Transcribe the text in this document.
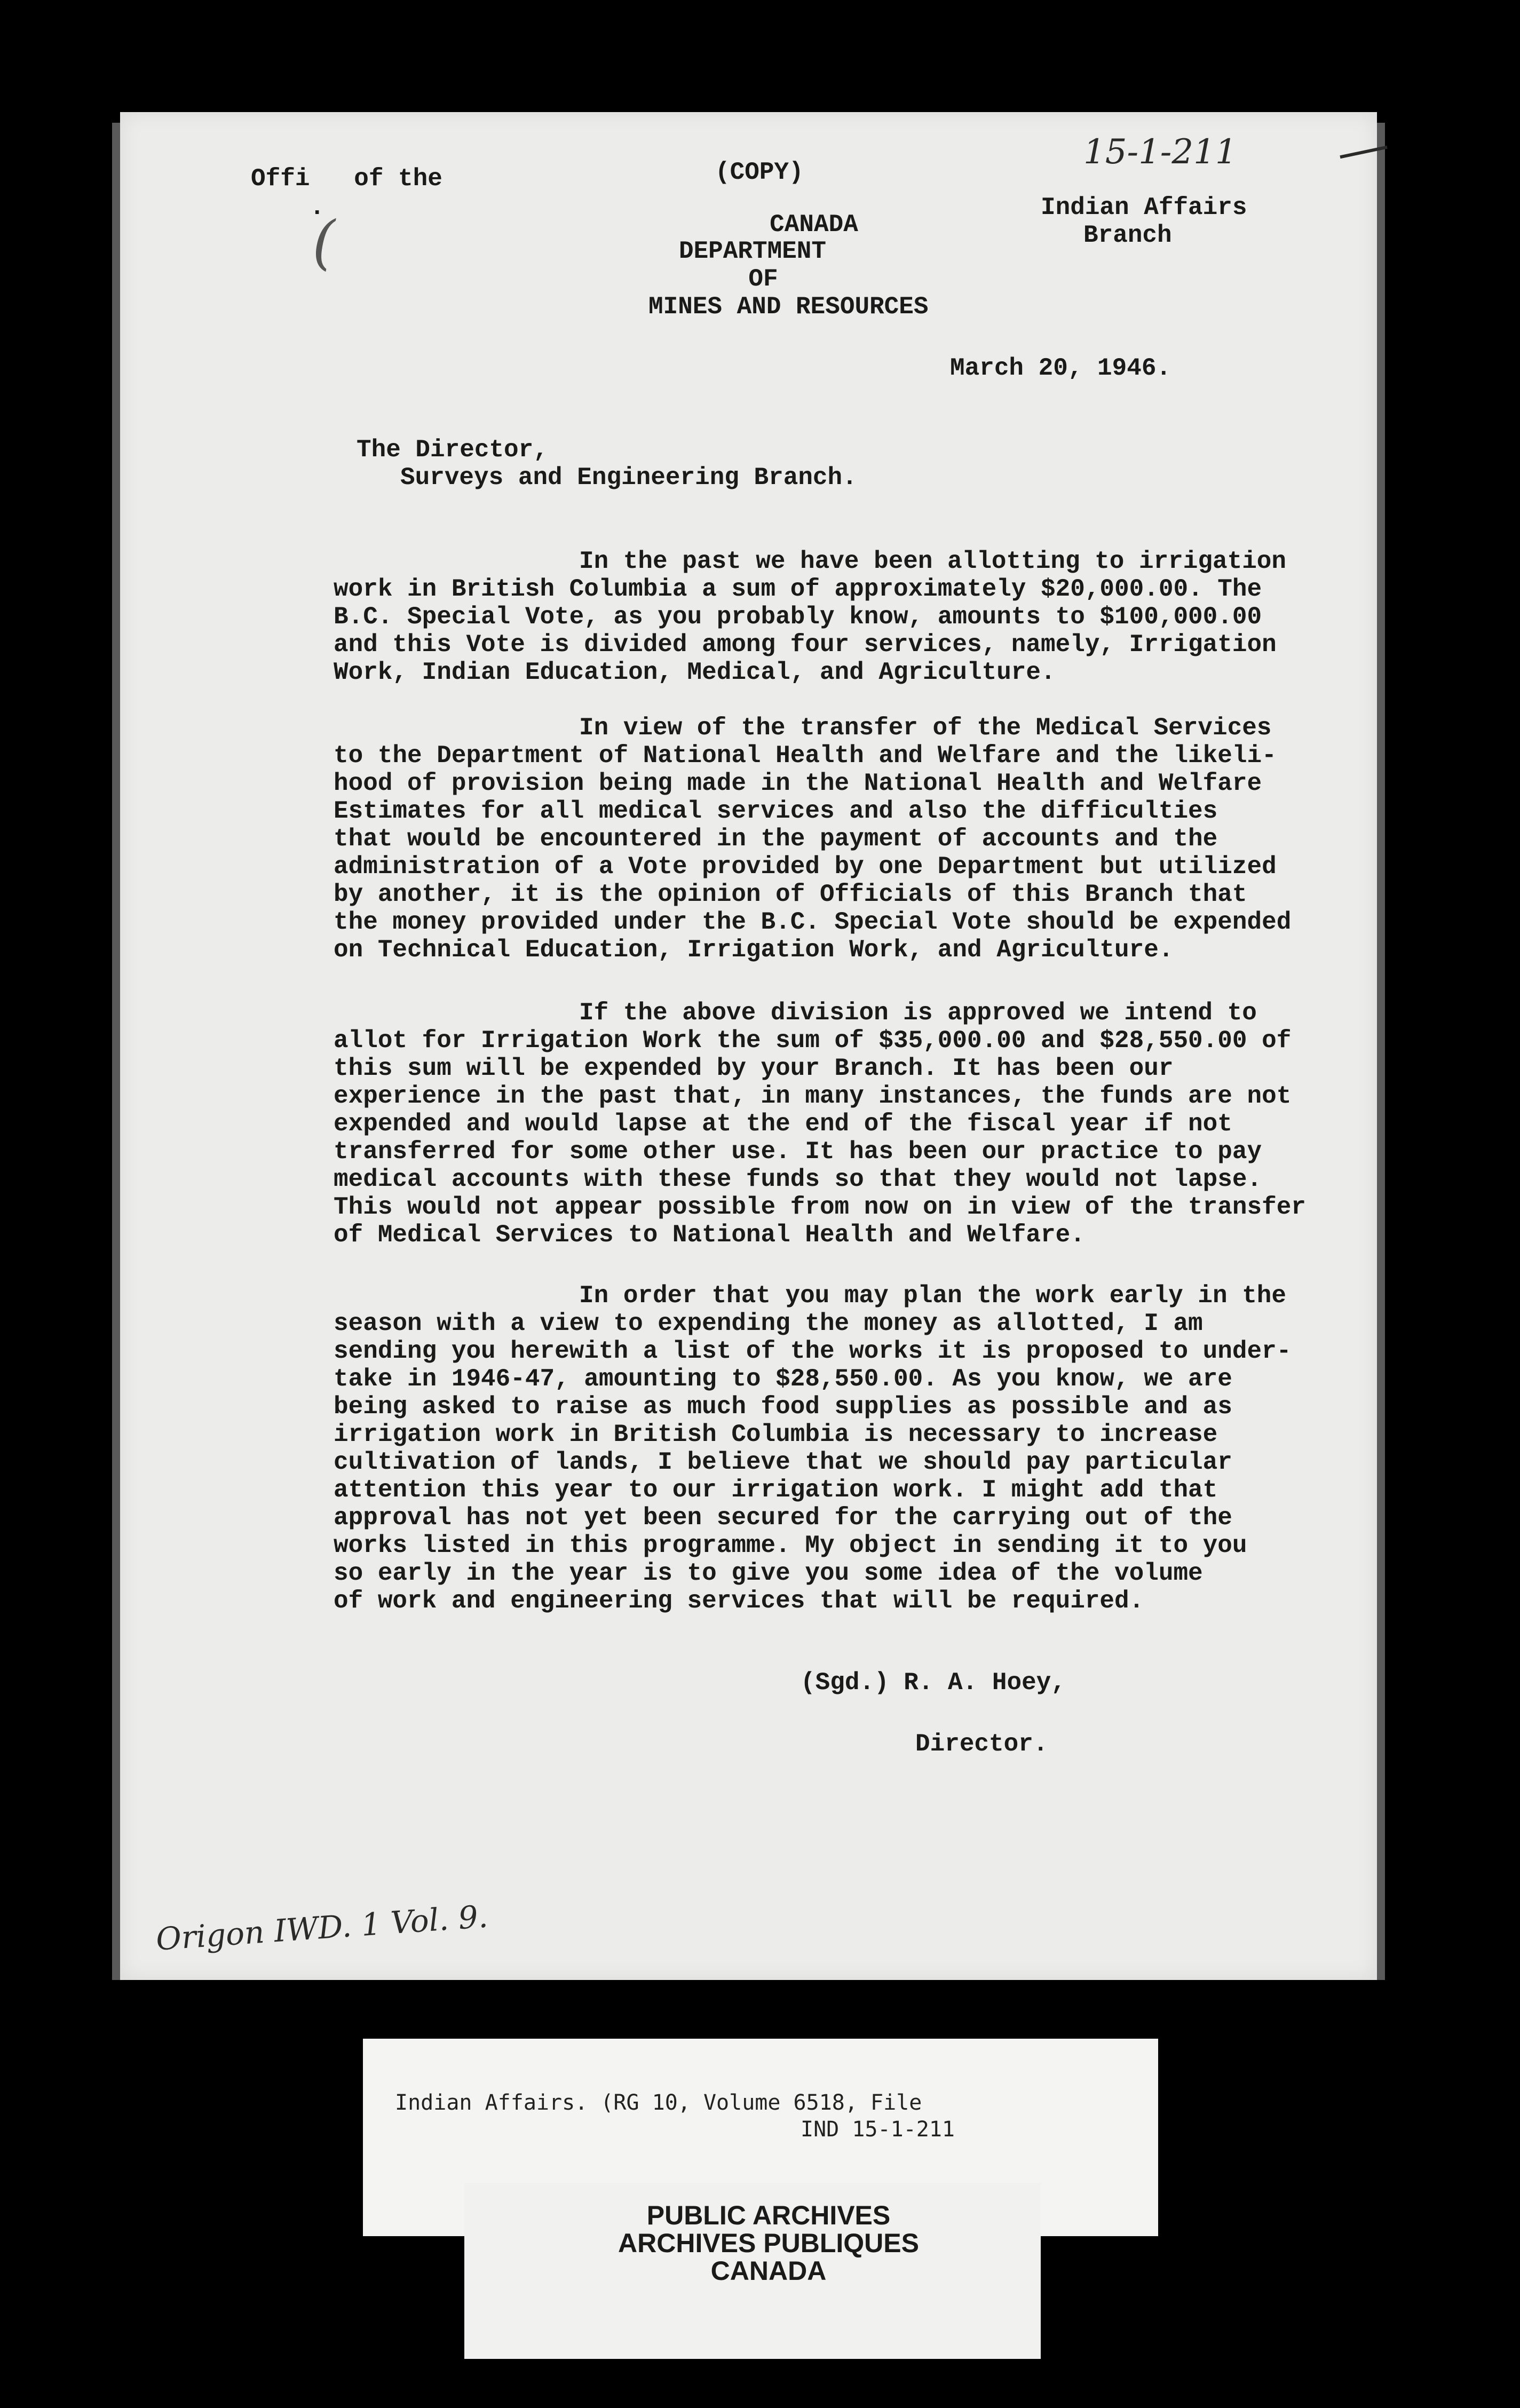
Offi   of the

.

(

(COPY)

CANADA

DEPARTMENT

OF

MINES AND RESOURCES

Indian Affairs

Branch

15-1-211

March 20, 1946.

The Director,

Surveys and Engineering Branch.

In the past we have been allotting to irrigation
work in British Columbia a sum of approximately $20,000.00. The
B.C. Special Vote, as you probably know, amounts to $100,000.00
and this Vote is divided among four services, namely, Irrigation
Work, Indian Education, Medical, and Agriculture.

In view of the transfer of the Medical Services
to the Department of National Health and Welfare and the likeli-
hood of provision being made in the National Health and Welfare
Estimates for all medical services and also the difficulties
that would be encountered in the payment of accounts and the
administration of a Vote provided by one Department but utilized
by another, it is the opinion of Officials of this Branch that
the money provided under the B.C. Special Vote should be expended
on Technical Education, Irrigation Work, and Agriculture.

If the above division is approved we intend to
allot for Irrigation Work the sum of $35,000.00 and $28,550.00 of
this sum will be expended by your Branch. It has been our
experience in the past that, in many instances, the funds are not
expended and would lapse at the end of the fiscal year if not
transferred for some other use. It has been our practice to pay
medical accounts with these funds so that they would not lapse.
This would not appear possible from now on in view of the transfer
of Medical Services to National Health and Welfare.

In order that you may plan the work early in the
season with a view to expending the money as allotted, I am
sending you herewith a list of the works it is proposed to under-
take in 1946-47, amounting to $28,550.00. As you know, we are
being asked to raise as much food supplies as possible and as
irrigation work in British Columbia is necessary to increase
cultivation of lands, I believe that we should pay particular
attention this year to our irrigation work. I might add that
approval has not yet been secured for the carrying out of the
works listed in this programme. My object in sending it to you
so early in the year is to give you some idea of the volume
of work and engineering services that will be required.

(Sgd.) R. A. Hoey,

Director.

Origon IWD. 1 Vol. 9.

Indian Affairs. (RG 10, Volume 6518, File

IND 15-1-211

PUBLIC ARCHIVES
ARCHIVES PUBLIQUES
CANADA
